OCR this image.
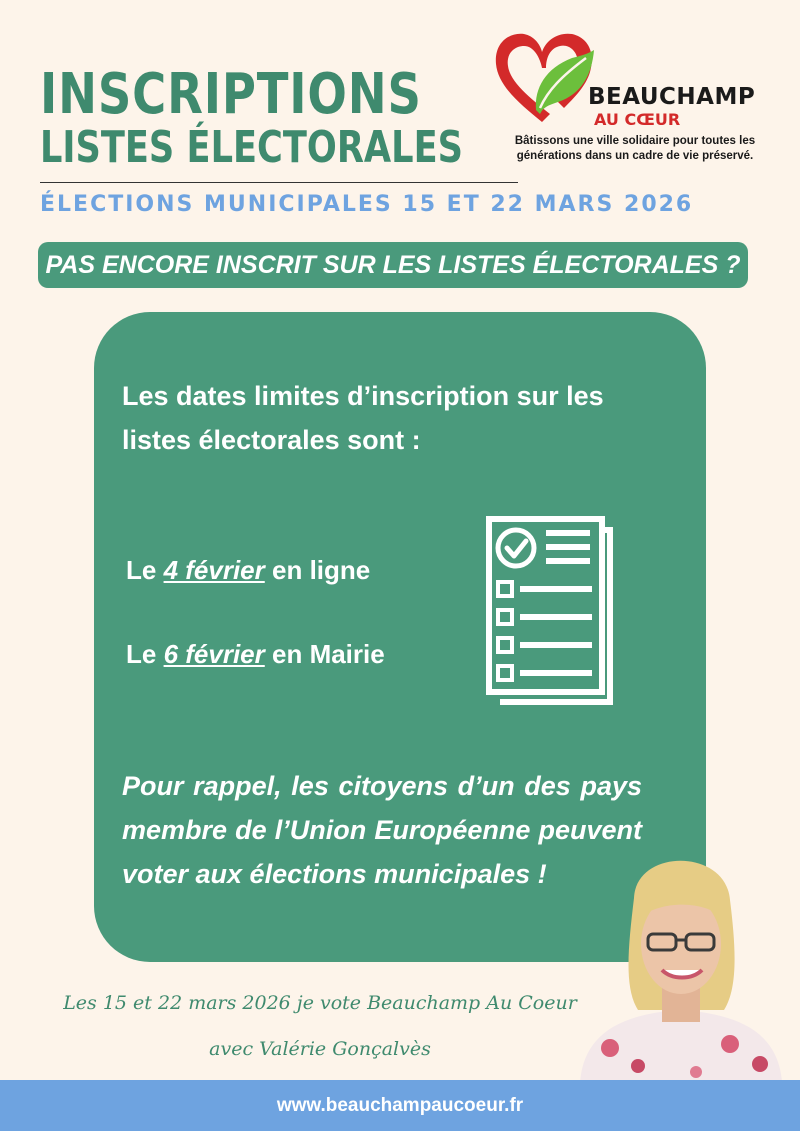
INSCRIPTIONS
LISTES ÉLECTORALES
ÉLECTIONS MUNICIPALES 15 ET 22 MARS 2026
BEAUCHAMP
AU CŒUR

Bâtissons une ville solidaire pour toutes les générations dans un cadre de vie préservé.

PAS ENCORE INSCRIT SUR LES LISTES ÉLECTORALES ?

Les dates limites d’inscription sur les listes électorales sont :

Le 4 février en ligne

Le 6 février en Mairie

Pour rappel, les citoyens d’un des pays membre de l’Union Européenne peuvent voter aux élections municipales !

Les 15 et 22 mars 2026 je vote Beauchamp Au Coeur
avec Valérie Gonçalvès

www.beauchampaucoeur.fr
